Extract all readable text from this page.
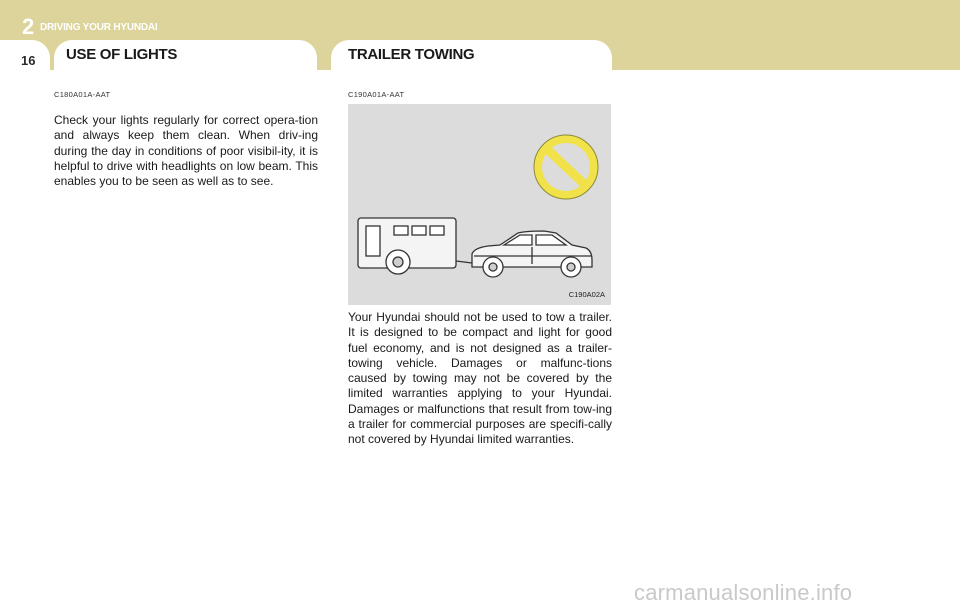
2 DRIVING YOUR HYUNDAI
16 USE OF LIGHTS	TRAILER TOWING
C180A01A-AAT

Check your lights regularly for correct opera-tion and always keep them clean. When driv-ing during the day in conditions of poor visibil-ity, it is helpful to drive with headlights on low beam. This enables you to be seen as well as to see.

C190A01A-AAT
C190A02A

Your Hyundai should not be used to tow a trailer. It is designed to be compact and light for good fuel economy, and is not designed as a trailer-towing vehicle. Damages or malfunc-tions caused by towing may not be covered by the limited warranties applying to your Hyundai. Damages or malfunctions that result from tow-ing a trailer for commercial purposes are specifi-cally not covered by Hyundai limited warranties.

carmanualsonline.info
